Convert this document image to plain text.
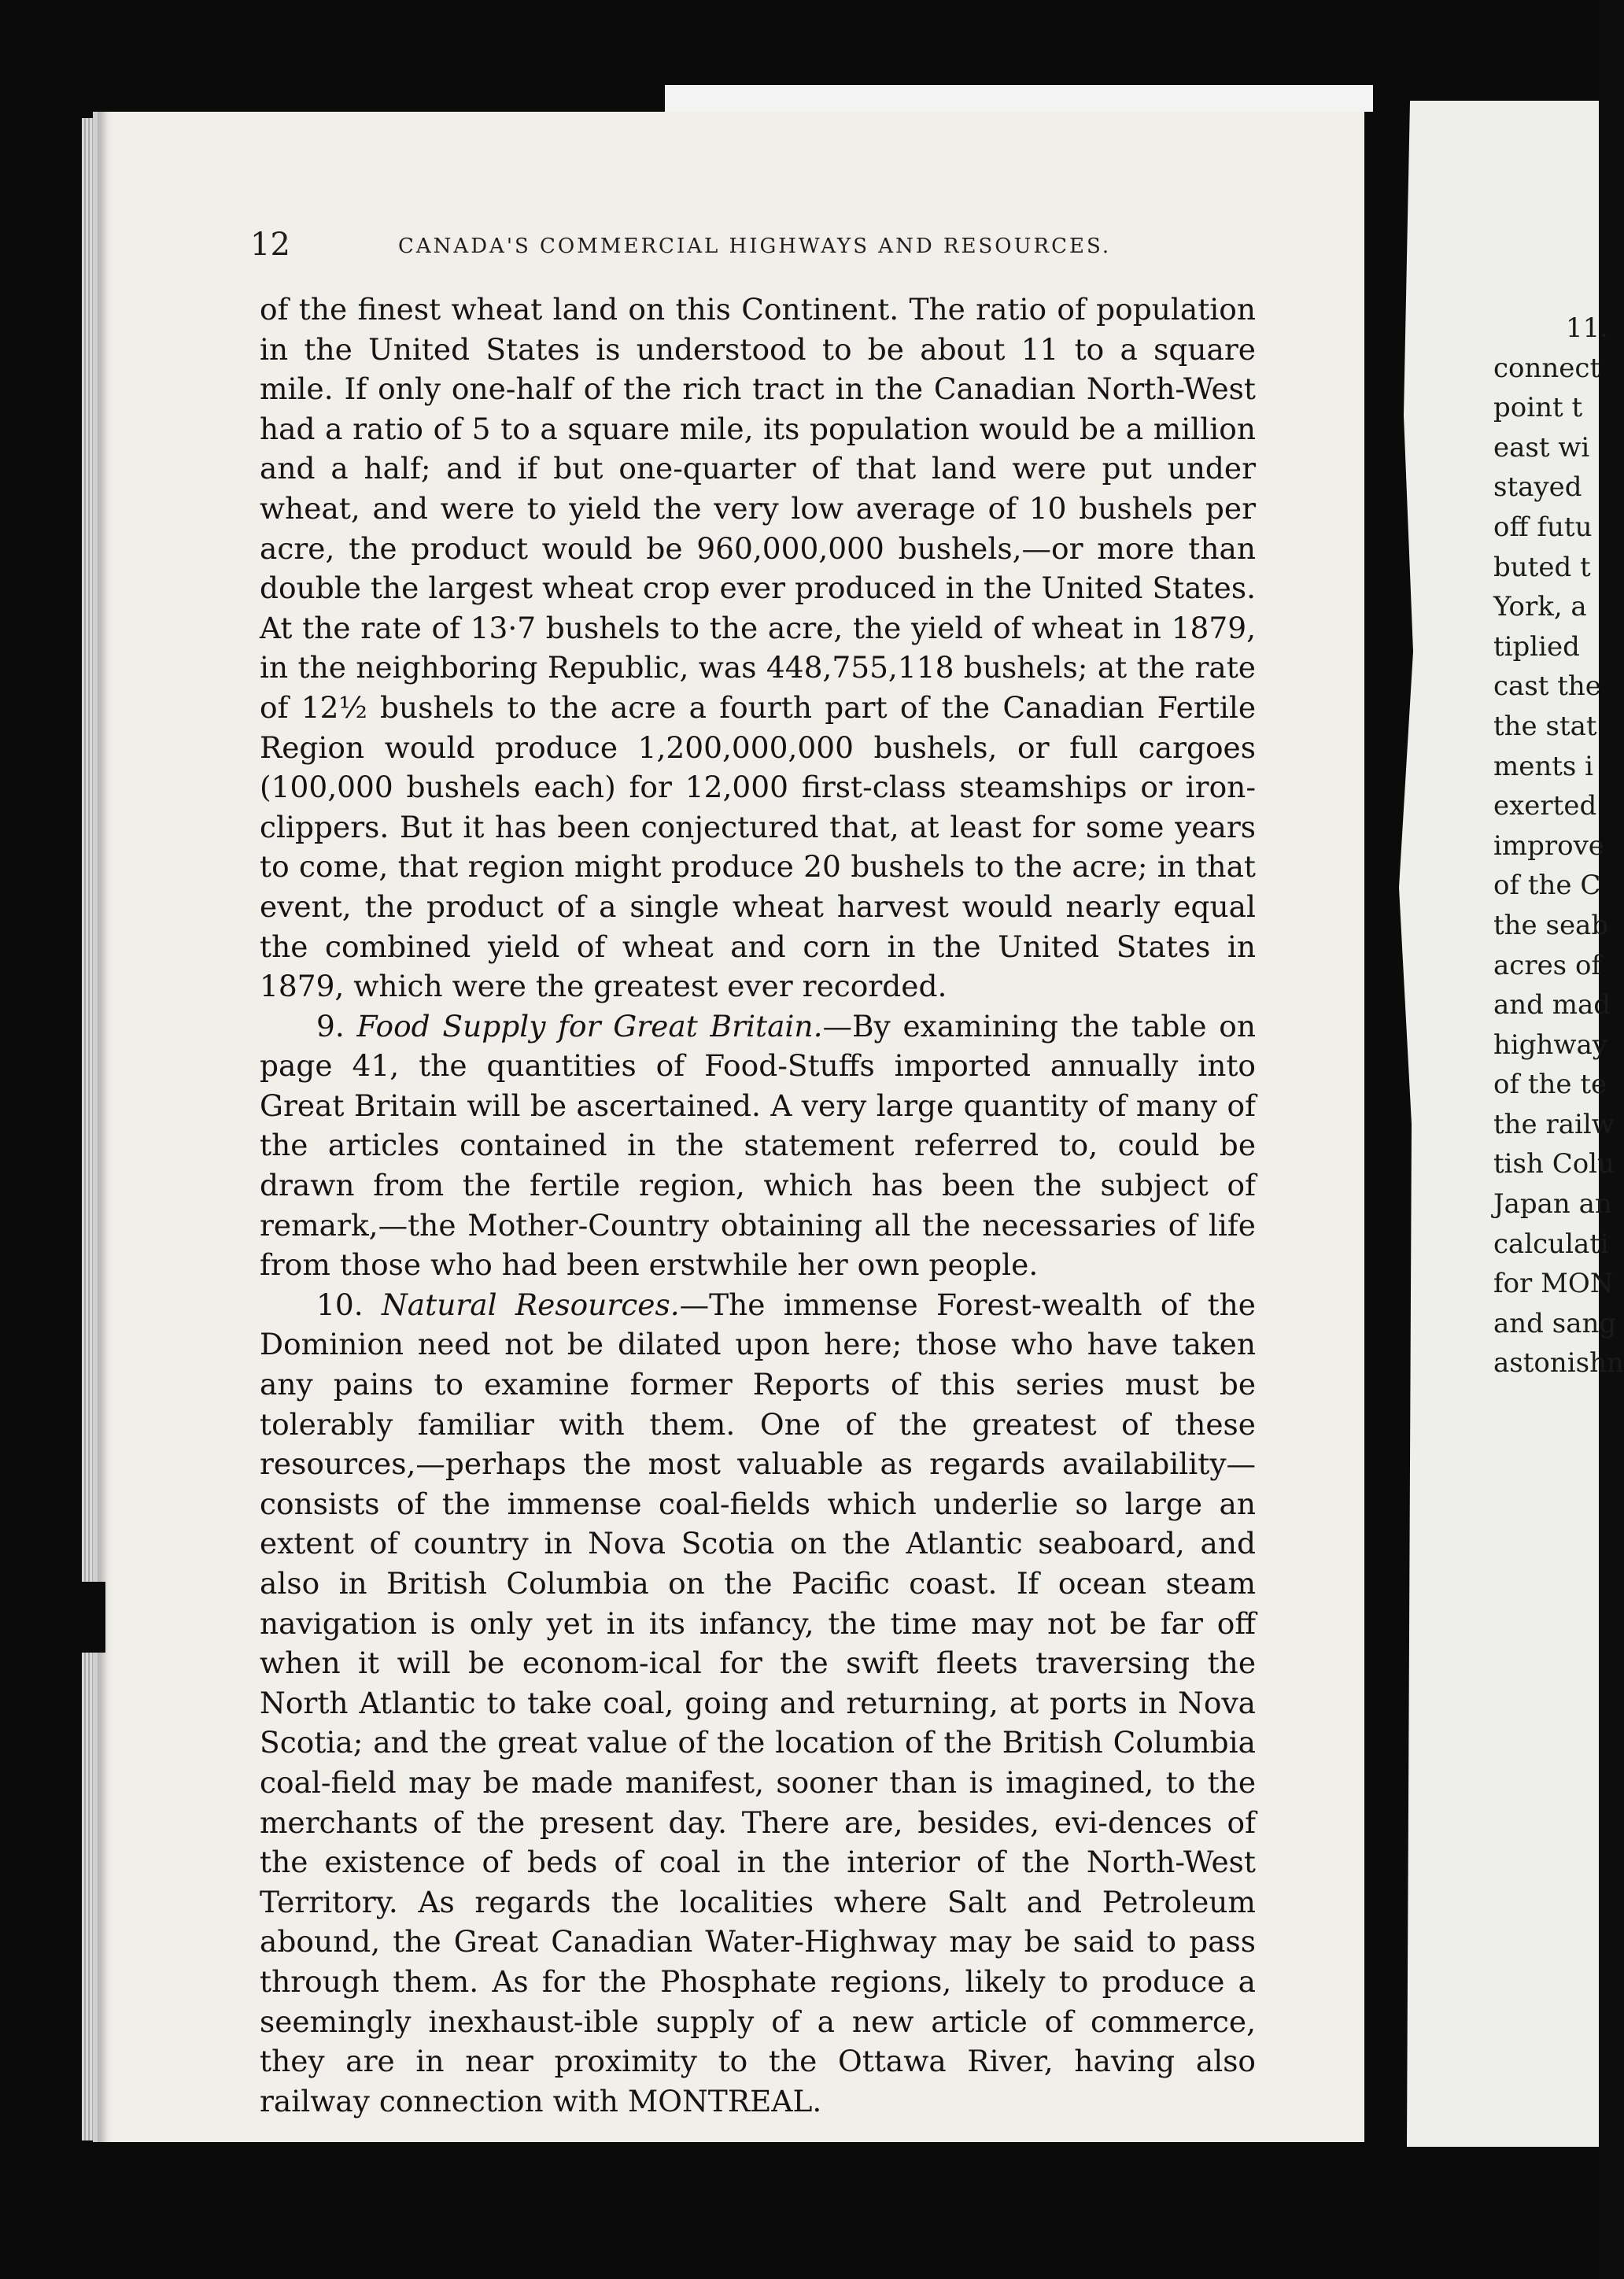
12	CANADA'S COMMERCIAL HIGHWAYS AND RESOURCES.

of the finest wheat land on this Continent. The ratio of population in the United States is understood to be about 11 to a square mile. If only one-half of the rich tract in the Canadian North-West had a ratio of 5 to a square mile, its population would be a million and a half; and if but one-quarter of that land were put under wheat, and were to yield the very low average of 10 bushels per acre, the product would be 960,000,000 bushels,—or more than double the largest wheat crop ever produced in the United States. At the rate of 13·7 bushels to the acre, the yield of wheat in 1879, in the neighboring Republic, was 448,755,118 bushels; at the rate of 12½ bushels to the acre a fourth part of the Canadian Fertile Region would produce 1,200,000,000 bushels, or full cargoes (100,000 bushels each) for 12,000 first-class steamships or iron-clippers. But it has been conjectured that, at least for some years to come, that region might produce 20 bushels to the acre; in that event, the product of a single wheat harvest would nearly equal the combined yield of wheat and corn in the United States in 1879, which were the greatest ever recorded.

9. Food Supply for Great Britain.—By examining the table on page 41, the quantities of Food-Stuffs imported annually into Great Britain will be ascertained. A very large quantity of many of the articles contained in the statement referred to, could be drawn from the fertile region, which has been the subject of remark,—the Mother-Country obtaining all the necessaries of life from those who had been erstwhile her own people.

10. Natural Resources.—The immense Forest-wealth of the Dominion need not be dilated upon here; those who have taken any pains to examine former Reports of this series must be tolerably familiar with them. One of the greatest of these resources,—perhaps the most valuable as regards availability—consists of the immense coal-fields which underlie so large an extent of country in Nova Scotia on the Atlantic seaboard, and also in British Columbia on the Pacific coast. If ocean steam navigation is only yet in its infancy, the time may not be far off when it will be econom-ical for the swift fleets traversing the North Atlantic to take coal, going and returning, at ports in Nova Scotia; and the great value of the location of the British Columbia coal-field may be made manifest, sooner than is imagined, to the merchants of the present day. There are, besides, evi-dences of the existence of beds of coal in the interior of the North-West Territory. As regards the localities where Salt and Petroleum abound, the Great Canadian Water-Highway may be said to pass through them. As for the Phosphate regions, likely to produce a seemingly inexhaust-ible supply of a new article of commerce, they are in near proximity to the Ottawa River, having also railway connection with MONTREAL.

11.
connect
point t
east wi
stayed
off futu
buted t
York, a
tiplied
cast the
the stat
ments i
exerted
improve
of the C
the seab
acres of
and mad
highway
of the te
the railw
tish Colu
Japan an
calculati
for MON
and sang
astonishn
